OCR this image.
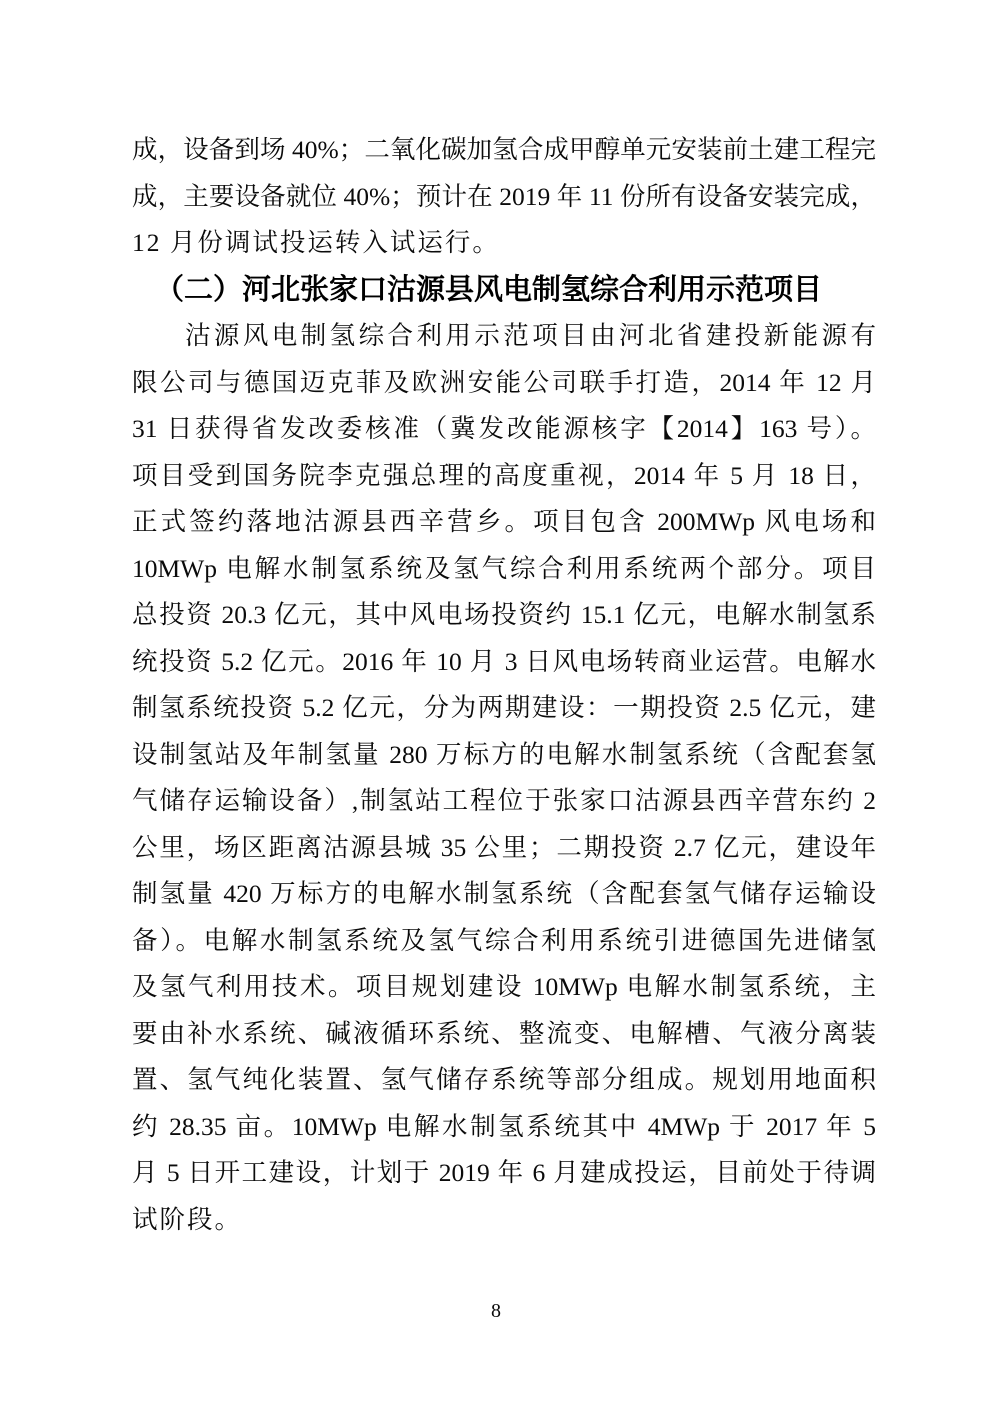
成，设备到场 40%；二氧化碳加氢合成甲醇单元安装前土建工程完
成，主要设备就位 40%；预计在 2019 年 11 份所有设备安装完成，
12 月份调试投运转入试运行。
（二）河北张家口沽源县风电制氢综合利用示范项目
沽源风电制氢综合利用示范项目由河北省建投新能源有
限公司与德国迈克菲及欧洲安能公司联手打造，2014 年 12 月
31 日获得省发改委核准（冀发改能源核字【2014】163 号）。
项目受到国务院李克强总理的高度重视，2014 年 5 月 18 日，
正式签约落地沽源县西辛营乡。项目包含 200MWp 风电场和
10MWp 电解水制氢系统及氢气综合利用系统两个部分。项目
总投资 20.3 亿元，其中风电场投资约 15.1 亿元，电解水制氢系
统投资 5.2 亿元。2016 年 10 月 3 日风电场转商业运营。电解水
制氢系统投资 5.2 亿元，分为两期建设：一期投资 2.5 亿元，建
设制氢站及年制氢量 280 万标方的电解水制氢系统（含配套氢
气储存运输设备）,制氢站工程位于张家口沽源县西辛营东约 2
公里，场区距离沽源县城 35 公里；二期投资 2.7 亿元，建设年
制氢量 420 万标方的电解水制氢系统（含配套氢气储存运输设
备）。电解水制氢系统及氢气综合利用系统引进德国先进储氢
及氢气利用技术。项目规划建设 10MWp 电解水制氢系统，主
要由补水系统、碱液循环系统、整流变、电解槽、气液分离装
置、氢气纯化装置、氢气储存系统等部分组成。规划用地面积
约 28.35 亩。10MWp 电解水制氢系统其中 4MWp 于 2017 年 5
月 5 日开工建设，计划于 2019 年 6 月建成投运，目前处于待调
试阶段。
8
